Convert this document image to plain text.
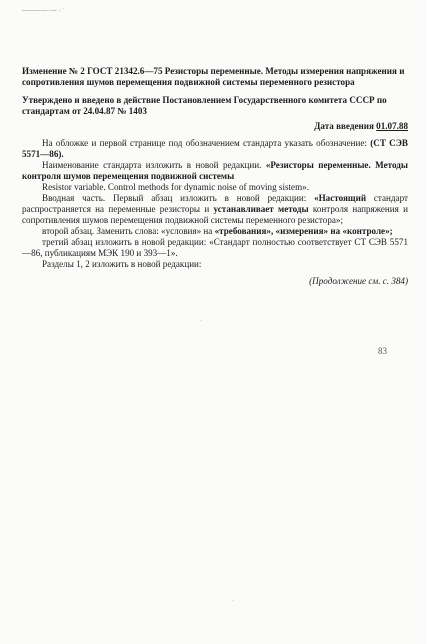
————·— · ·
Изменение № 2 ГОСТ 21342.6—75 Резисторы переменные. Методы измерения напряжения и сопротивления шумов перемещения подвижной системы переменного резистора
Утверждено и введено в действие Постановлением Государственного комитета СССР по стандартам от 24.04.87 № 1403
Дата введения 01.07.88

На обложке и первой странице под обозначением стандарта указать обозначение: (СТ СЭВ 5571—86).

Наименование стандарта изложить в новой редакции. «Резисторы переменные. Методы контроля шумов перемещения подвижной системы

Resistor variable. Control methods for dynamic noise of moving sistem».

Вводная часть. Первый абзац изложить в новой редакции: «Настоящий стандарт распространяется на переменные резисторы и устанавливает методы контроля напряжения и сопротивления шумов перемещения подвижной системы переменного резистора»;

второй абзац. Заменить слова: «условия» на «требования», «измерения» на «контроле»;

третий абзац изложить в новой редакции: «Стандарт полностью соответствует СТ СЭВ 5571—86, публикациям МЭК 190 и 393—1».

Разделы 1, 2 изложить в новой редакции:

(Продолжение см. с. 384)
83
·
·
